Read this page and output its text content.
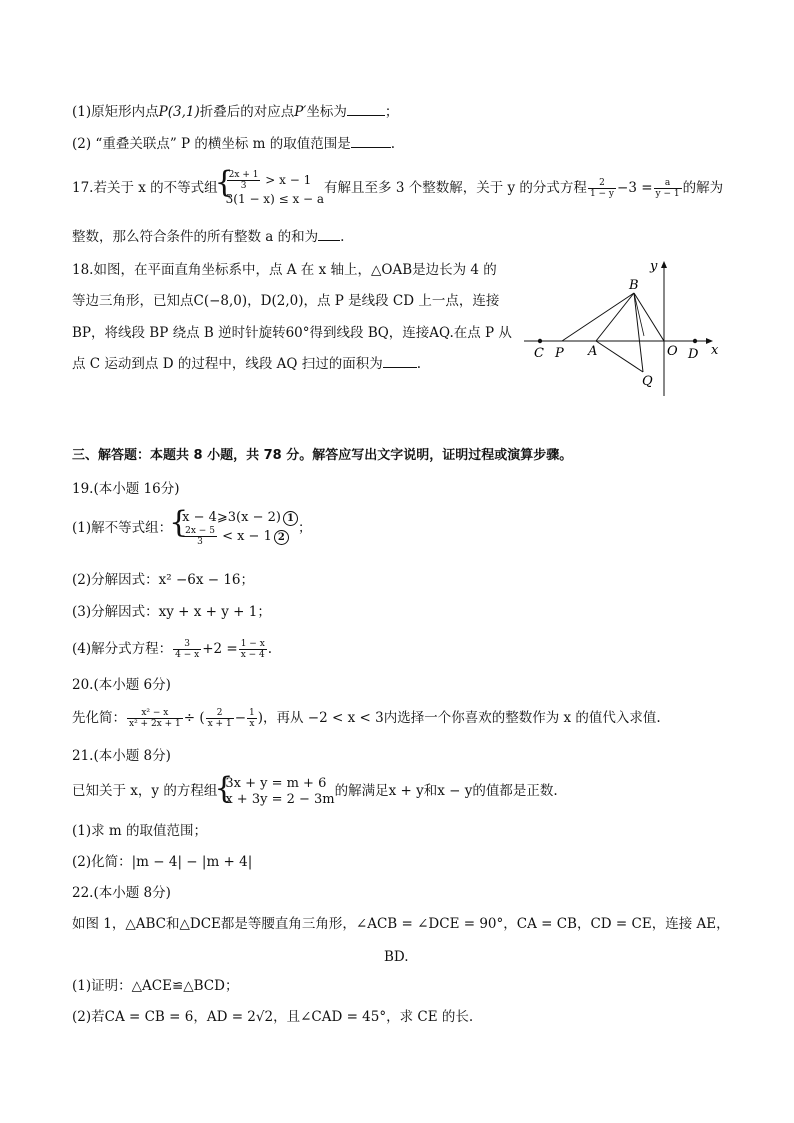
(1)原矩形内点P(3,1)折叠后的对应点P′坐标为	；
(2) “重叠关联点” P 的横坐标 m 的取值范围是	.
17.若关于 x 的不等式组 { $\frac{2x + 1}{3} > x - 1$
3(1 − x) ≤ x − a
有解且至多 3 个整数解，关于 y 的分式方程 $\frac{2}{1 - y} -3 = \frac{a}{y - 1}$ 的解为
整数，那么符合条件的所有整数 a 的和为 .
18.如图，在平面直角坐标系中，点 A 在 x 轴上，△OAB是边长为 4 的
等边三角形，已知点C(−8,0)，D(2,0)，点 P 是线段 CD 上一点，连接
BP，将线段 BP 绕点 B 逆时针旋转60°得到线段 BQ，连接AQ.在点 P 从
点 C 运动到点 D 的过程中，线段 AQ 扫过的面积为	.
y
x
B
C P A	O D
Q
三、解答题：本题共 8 小题，共 78 分。解答应写出文字说明，证明过程或演算步骤。
19.(本小题 16分)
(1)解不等式组：
{ x − 4⩾3(x − 2) 1
$\frac{2x - 5}{3} < x - 1$ 2
；
(2)分解因式：x² −6x − 16；
(3)分解因式：xy + x + y + 1；
(4)解分式方程： $\frac{3}{4 - x} +2 = \frac{1 - x}{x - 4}$ .
20.(本小题 6分)
先化简： $\frac{\text{x² − x}}{\text{x² + 2x + 1}}$ ÷ ( $\frac{2}{x + 1} - \frac{1}{x}$ )，再从 −2 < x < 3内选择一个你喜欢的整数作为 x 的值代入求值.
21.(本小题 8分)
已知关于 x，y 的方程组 { 3x + y = m + 6
x + 3y = 2 − 3m 的解满足x + y和x − y的值都是正数.
(1)求 m 的取值范围；
(2)化简：|m − 4| − |m + 4|
22.(本小题 8分)
如图 1，△ABC和△DCE都是等腰直角三角形，∠ACB = ∠DCE = 90°，CA = CB，CD = CE，连接 AE，
BD.
(1)证明：△ACE≌△BCD；
(2)若CA = CB = 6，AD = 2√2，且∠CAD = 45°，求 CE 的长.
